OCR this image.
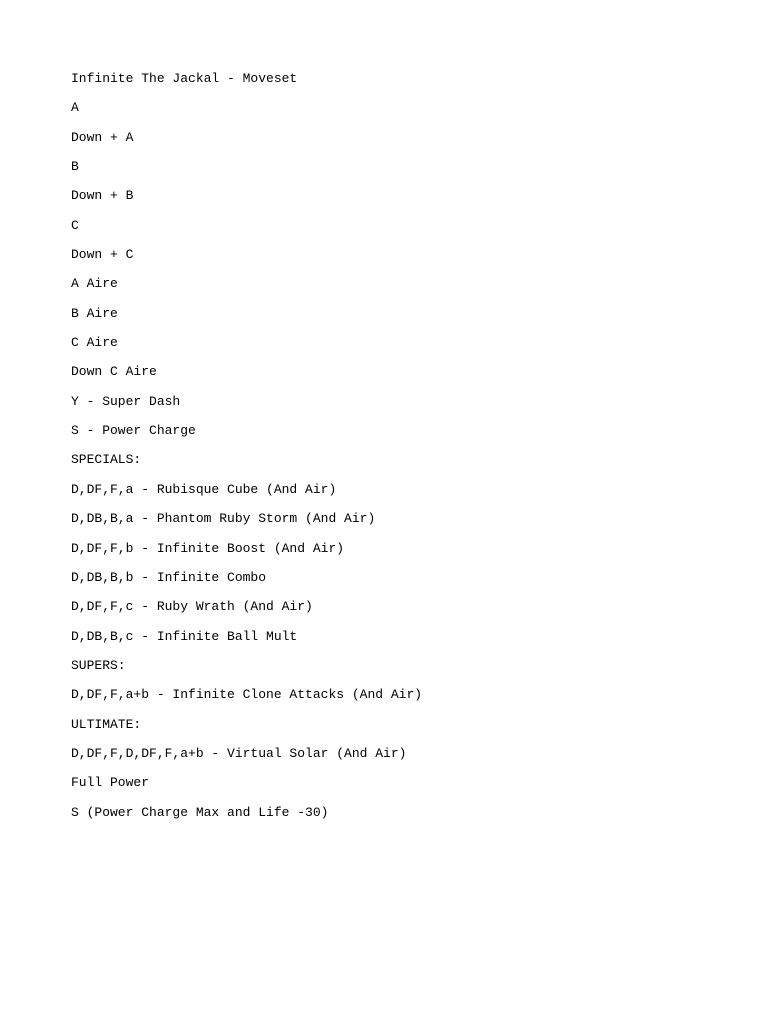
Infinite The Jackal - Moveset
A
Down + A
B
Down + B
C
Down + C
A Aire
B Aire
C Aire
Down C Aire
Y - Super Dash
S - Power Charge
SPECIALS:
D,DF,F,a - Rubisque Cube (And Air)
D,DB,B,a - Phantom Ruby Storm (And Air)
D,DF,F,b - Infinite Boost (And Air)
D,DB,B,b - Infinite Combo
D,DF,F,c - Ruby Wrath (And Air)
D,DB,B,c - Infinite Ball Mult
SUPERS:
D,DF,F,a+b - Infinite Clone Attacks (And Air)
ULTIMATE:
D,DF,F,D,DF,F,a+b - Virtual Solar (And Air)
Full Power
S (Power Charge Max and Life -30)
